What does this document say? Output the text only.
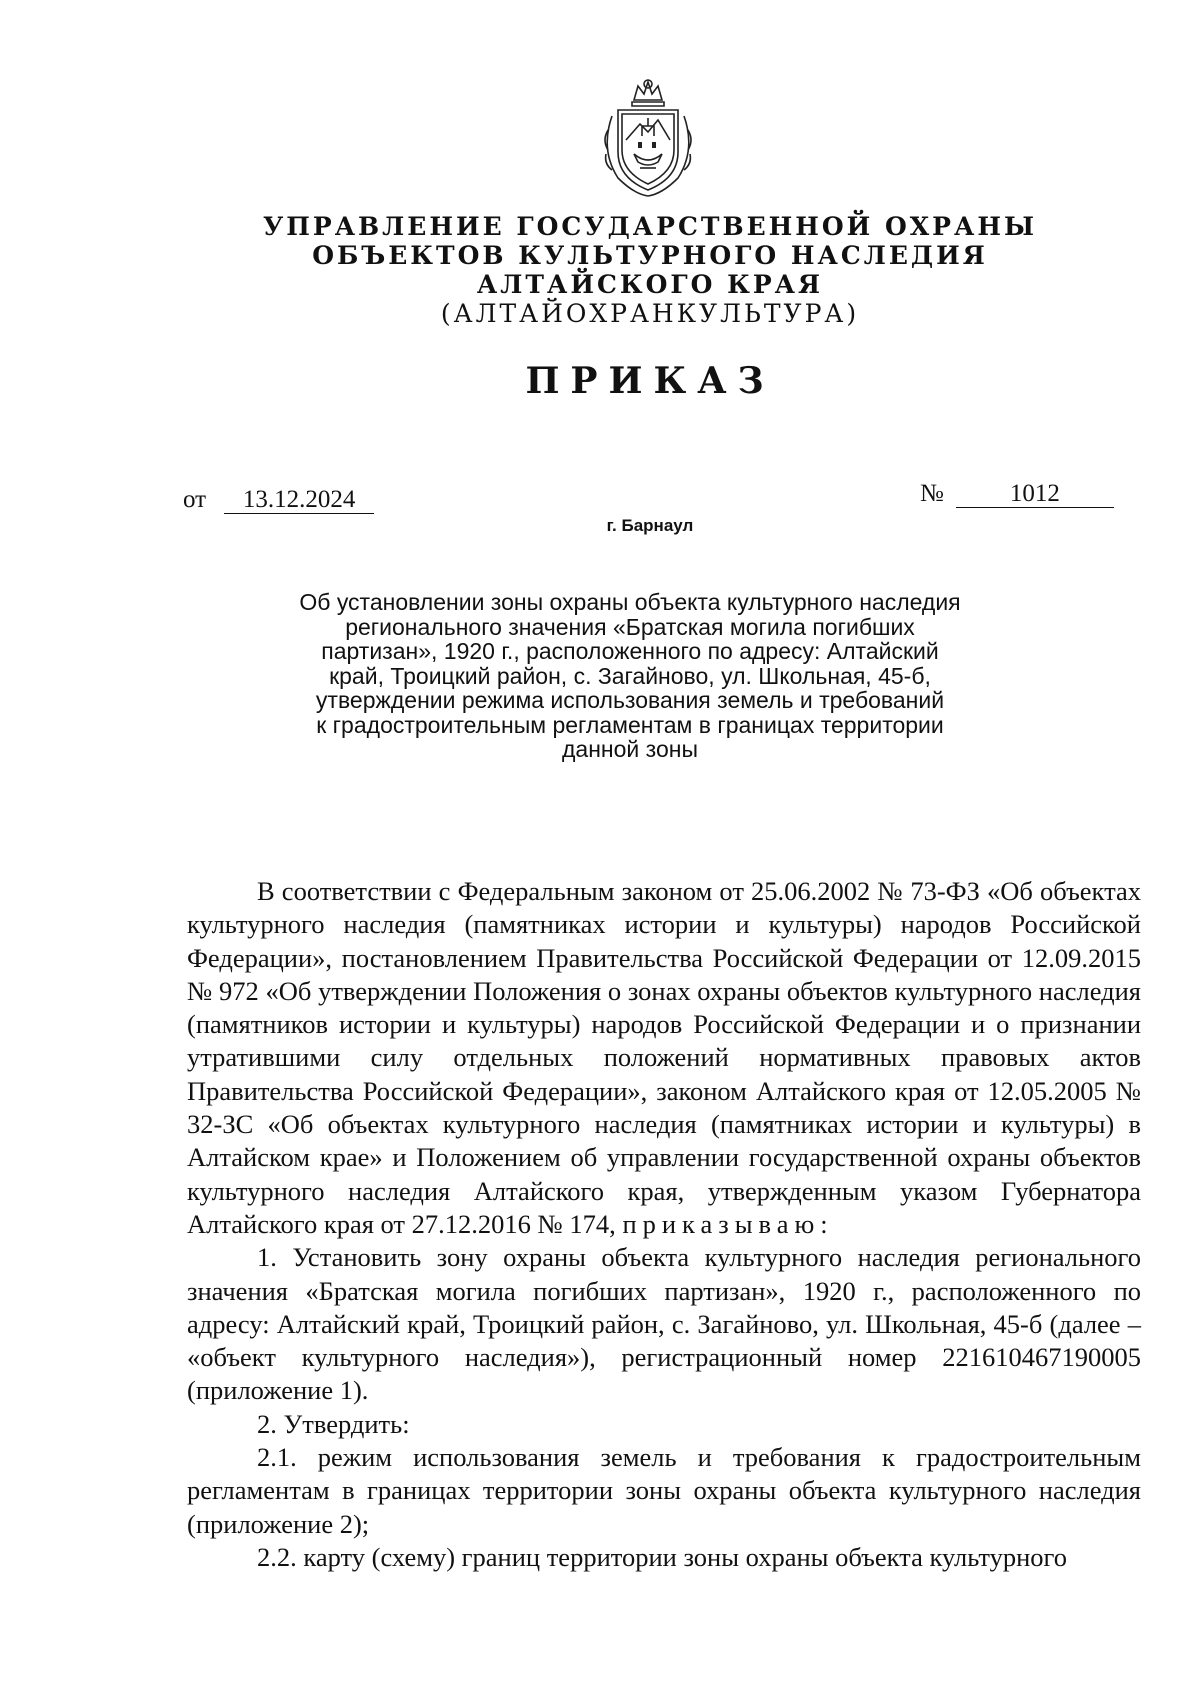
УПРАВЛЕНИЕ ГОСУДАРСТВЕННОЙ ОХРАНЫ
ОБЪЕКТОВ КУЛЬТУРНОГО НАСЛЕДИЯ
АЛТАЙСКОГО КРАЯ
(АЛТАЙОХРАНКУЛЬТУРА)
ПРИКАЗ
от 13.12.2024	№	1012
г. Барнаул
Об установлении зоны охраны объекта культурного наследия
регионального значения «Братская могила погибших
партизан», 1920 г., расположенного по адресу: Алтайский
край, Троицкий район, с. Загайново, ул. Школьная, 45-б,
утверждении режима использования земель и требований
к градостроительным регламентам в границах территории
данной зоны

В соответствии с Федеральным законом от 25.06.2002 № 73-ФЗ «Об объектах культурного наследия (памятниках истории и культуры) народов Российской Федерации», постановлением Правительства Российской Федерации от 12.09.2015 № 972 «Об утверждении Положения о зонах охраны объектов культурного наследия (памятников истории и культуры) народов Российской Федерации и о признании утратившими силу отдельных положений нормативных правовых актов Правительства Российской Федерации», законом Алтайского края от 12.05.2005 № 32-ЗС «Об объектах культурного наследия (памятниках истории и культуры) в Алтайском крае» и Положением об управлении государственной охраны объектов культурного наследия Алтайского края, утвержденным указом Губернатора Алтайского края от 27.12.2016 № 174, приказываю:

1. Установить зону охраны объекта культурного наследия регионального значения «Братская могила погибших партизан», 1920 г., расположенного по адресу: Алтайский край, Троицкий район, с. Загайново, ул. Школьная, 45-б (далее – «объект культурного наследия»), регистрационный номер 221610467190005 (приложение 1).

2. Утвердить:

2.1. режим использования земель и требования к градостроительным регламентам в границах территории зоны охраны объекта культурного наследия (приложение 2);

2.2. карту (схему) границ территории зоны охраны объекта культурного
